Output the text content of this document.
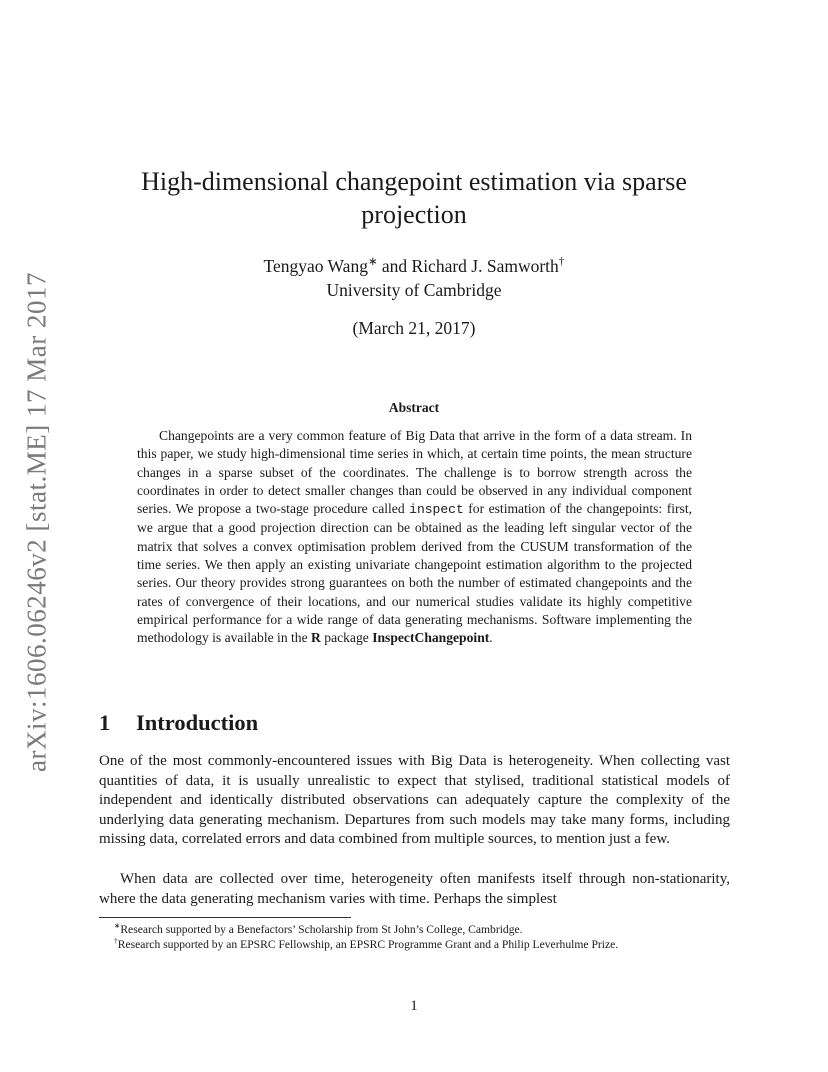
arXiv:1606.06246v2 [stat.ME] 17 Mar 2017
High-dimensional changepoint estimation via sparse projection
Tengyao Wang∗ and Richard J. Samworth†
University of Cambridge
(March 21, 2017)
Abstract
Changepoints are a very common feature of Big Data that arrive in the form of a data stream. In this paper, we study high-dimensional time series in which, at certain time points, the mean structure changes in a sparse subset of the coordinates. The challenge is to borrow strength across the coordinates in order to detect smaller changes than could be observed in any individual component series. We propose a two-stage procedure called inspect for estimation of the changepoints: first, we argue that a good projection direction can be obtained as the leading left singular vector of the matrix that solves a convex optimisation problem derived from the CUSUM transformation of the time series. We then apply an existing univariate changepoint estimation algorithm to the projected series. Our theory provides strong guarantees on both the number of estimated changepoints and the rates of convergence of their locations, and our numerical studies validate its highly competitive empirical performance for a wide range of data generating mechanisms. Software implementing the methodology is available in the R package InspectChangepoint.
1 Introduction
One of the most commonly-encountered issues with Big Data is heterogeneity. When collecting vast quantities of data, it is usually unrealistic to expect that stylised, traditional statistical models of independent and identically distributed observations can adequately capture the complexity of the underlying data generating mechanism. Departures from such models may take many forms, including missing data, correlated errors and data combined from multiple sources, to mention just a few.
When data are collected over time, heterogeneity often manifests itself through non-stationarity, where the data generating mechanism varies with time. Perhaps the simplest
∗Research supported by a Benefactors’ Scholarship from St John’s College, Cambridge.
†Research supported by an EPSRC Fellowship, an EPSRC Programme Grant and a Philip Leverhulme Prize.
1
